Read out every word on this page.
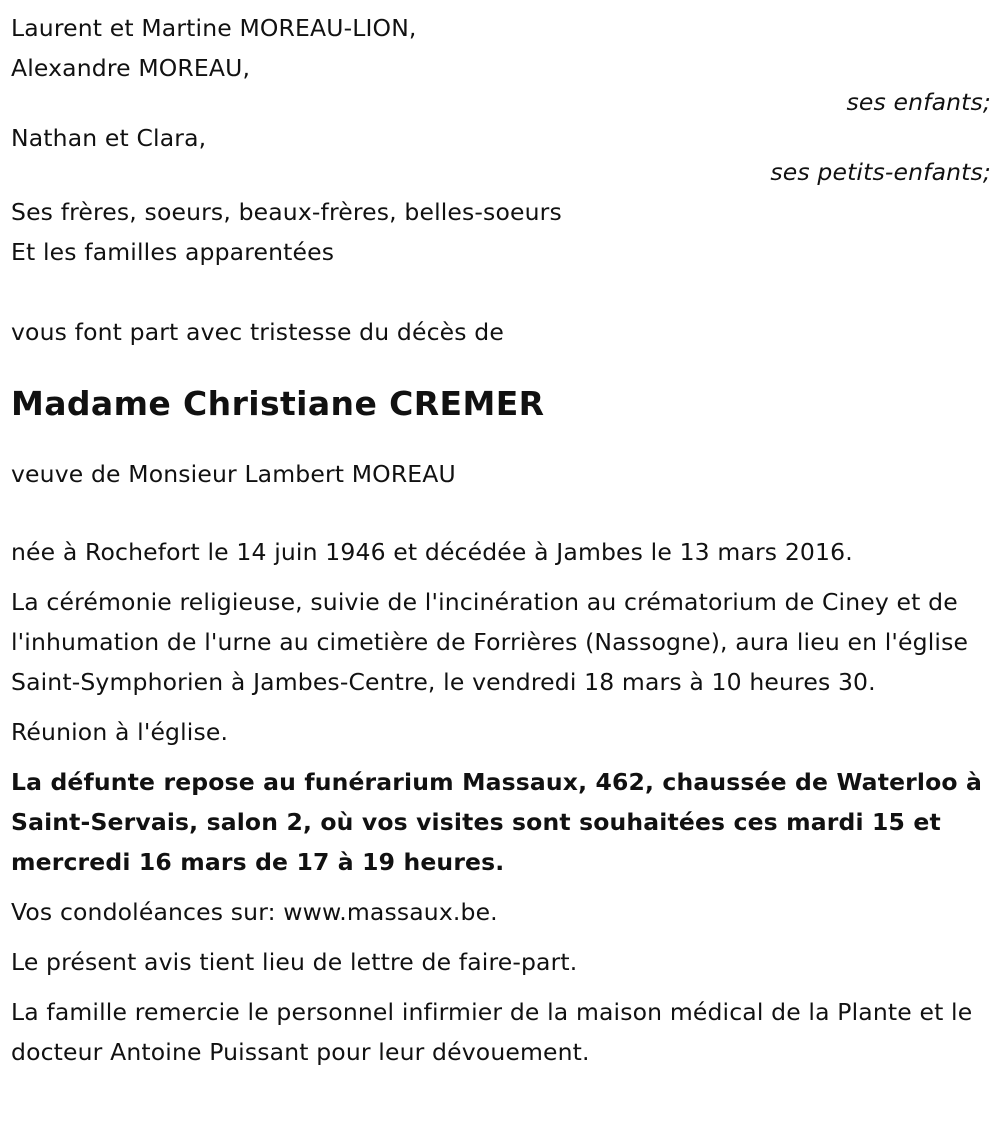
Laurent et Martine MOREAU-LION,
Alexandre MOREAU,
ses enfants;
Nathan et Clara,
ses petits-enfants;
Ses frères, soeurs, beaux-frères, belles-soeurs
Et les familles apparentées
vous font part avec tristesse du décès de
Madame Christiane CREMER
veuve de Monsieur Lambert MOREAU

née à Rochefort le 14 juin 1946 et décédée à Jambes le 13 mars 2016.

La cérémonie religieuse, suivie de l'incinération au crématorium de Ciney et de l'inhumation de l'urne au cimetière de Forrières (Nassogne), aura lieu en l'église Saint-Symphorien à Jambes-Centre, le vendredi 18 mars à 10 heures 30.

Réunion à l'église.

La défunte repose au funérarium Massaux, 462, chaussée de Waterloo à Saint-Servais, salon 2, où vos visites sont souhaitées ces mardi 15 et mercredi 16 mars de 17 à 19 heures.

Vos condoléances sur: www.massaux.be.

Le présent avis tient lieu de lettre de faire-part.

La famille remercie le personnel infirmier de la maison médical de la Plante et le docteur Antoine Puissant pour leur dévouement.
